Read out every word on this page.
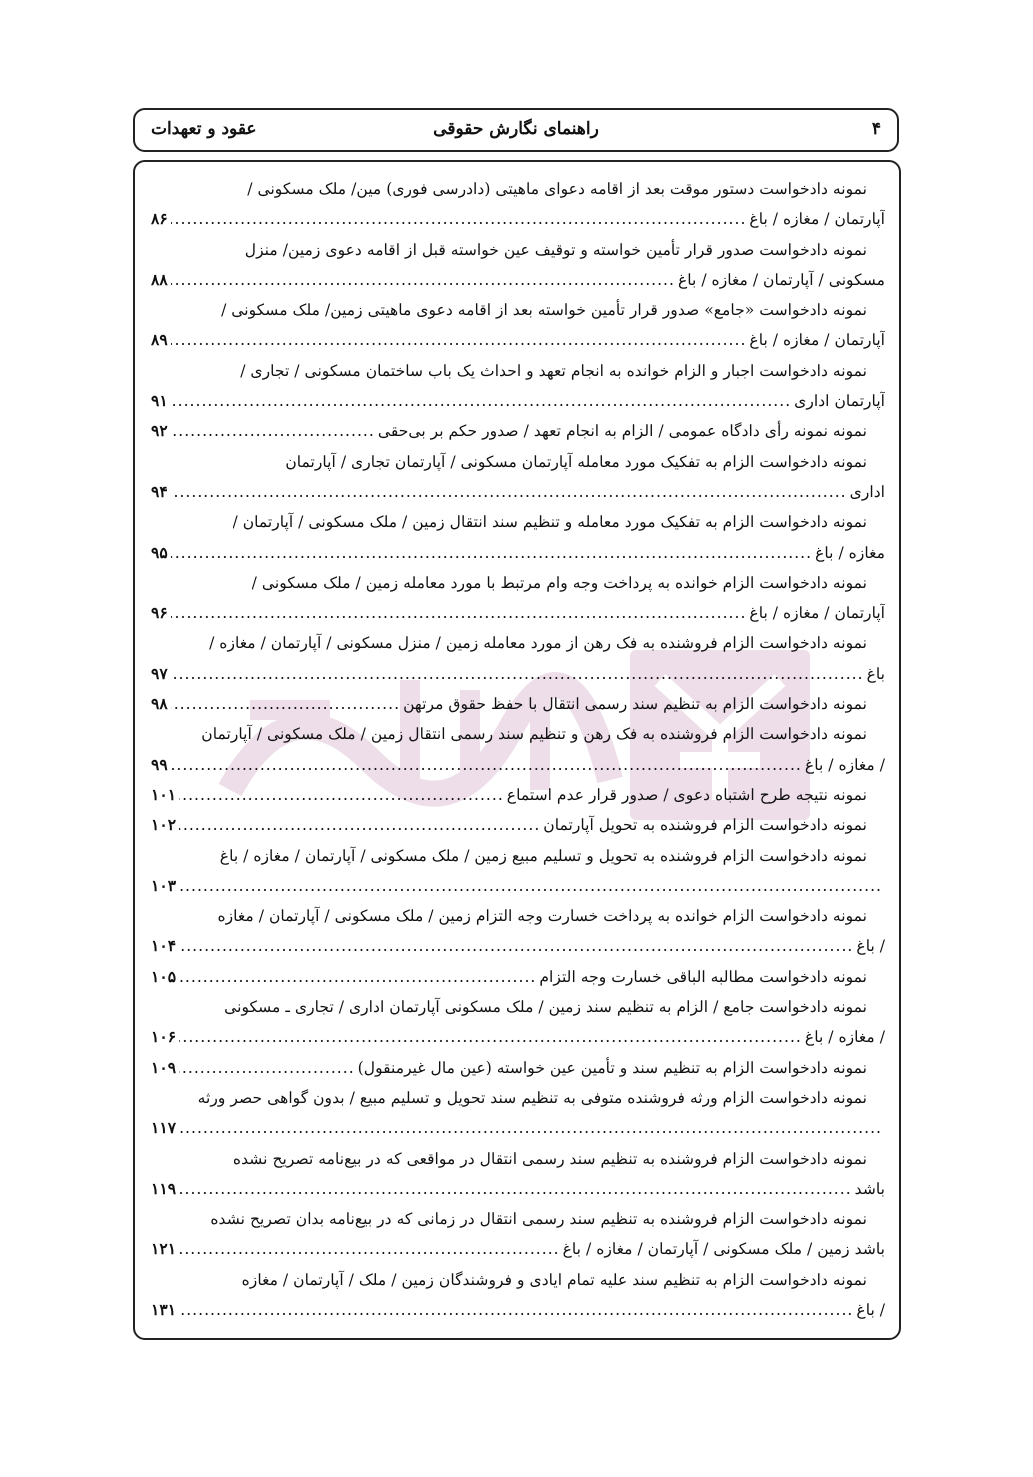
۴
راهنمای نگارش حقوقی
عقود و تعهدات
نمونه دادخواست دستور موقت بعد از اقامه دعوای ماهیتی (دادرسی فوری) مین/ ملک مسکونی /
آپارتمان / مغازه / باغ
.....
۸۶
نمونه دادخواست صدور قرار تأمین خواسته و توقیف عین خواسته قبل از اقامه دعوی زمین/ منزل
مسکونی / آپارتمان / مغازه / باغ
.....
۸۸
نمونه دادخواست «جامع» صدور قرار تأمین خواسته بعد از اقامه دعوی ماهیتی زمین/ ملک مسکونی /
آپارتمان / مغازه / باغ
.....
۸۹
نمونه دادخواست اجبار و الزام خوانده به انجام تعهد و احداث یک باب ساختمان مسکونی / تجاری /
آپارتمان اداری
.....
۹۱
نمونه نمونه رأی دادگاه عمومی / الزام به انجام تعهد / صدور حکم بر بی‌حقی
.....
۹۲
نمونه دادخواست الزام به تفکیک مورد معامله آپارتمان مسکونی / آپارتمان تجاری / آپارتمان
اداری
.....
۹۴
نمونه دادخواست الزام به تفکیک مورد معامله و تنظیم سند انتقال زمین / ملک مسکونی / آپارتمان /
مغازه / باغ
.....
۹۵
نمونه دادخواست الزام خوانده به پرداخت وجه وام مرتبط با مورد معامله زمین / ملک مسکونی /
آپارتمان / مغازه / باغ
.....
۹۶
نمونه دادخواست الزام فروشنده به فک رهن از مورد معامله زمین / منزل مسکونی / آپارتمان / مغازه /
باغ
.....
۹۷
نمونه دادخواست الزام به تنظیم سند رسمی انتقال با حفظ حقوق مرتهن
.....
۹۸
نمونه دادخواست الزام فروشنده به فک رهن و تنظیم سند رسمی انتقال زمین / ملک مسکونی / آپارتمان
/ مغازه / باغ
.....
۹۹
نمونه نتیجه طرح اشتباه دعوی / صدور قرار عدم استماع
.....
۱۰۱
نمونه دادخواست الزام فروشنده به تحویل آپارتمان
.....
۱۰۲
نمونه دادخواست الزام فروشنده به تحویل و تسلیم مبیع زمین / ملک مسکونی / آپارتمان / مغازه / باغ
.....
۱۰۳
نمونه دادخواست الزام خوانده به پرداخت خسارت وجه التزام زمین / ملک مسکونی / آپارتمان / مغازه
/ باغ
.....
۱۰۴
نمونه دادخواست مطالبه الباقی خسارت وجه التزام
.....
۱۰۵
نمونه دادخواست جامع / الزام به تنظیم سند زمین / ملک مسکونی آپارتمان اداری / تجاری ـ مسکونی
/ مغازه / باغ
.....
۱۰۶
نمونه دادخواست الزام به تنظیم سند و تأمین عین خواسته (عین مال غیرمنقول)
.....
۱۰۹
نمونه دادخواست الزام ورثه فروشنده متوفی به تنظیم سند تحویل و تسلیم مبیع / بدون گواهی حصر ورثه
.....
۱۱۷
نمونه دادخواست الزام فروشنده به تنظیم سند رسمی انتقال در مواقعی که در بیع‌نامه تصریح نشده
باشد
.....
۱۱۹
نمونه دادخواست الزام فروشنده به تنظیم سند رسمی انتقال در زمانی که در بیع‌نامه بدان تصریح نشده
باشد زمین / ملک مسکونی / آپارتمان / مغازه / باغ
.....
۱۲۱
نمونه دادخواست الزام به تنظیم سند علیه تمام ایادی و فروشندگان زمین / ملک / آپارتمان / مغازه
/ باغ
.....
۱۳۱
